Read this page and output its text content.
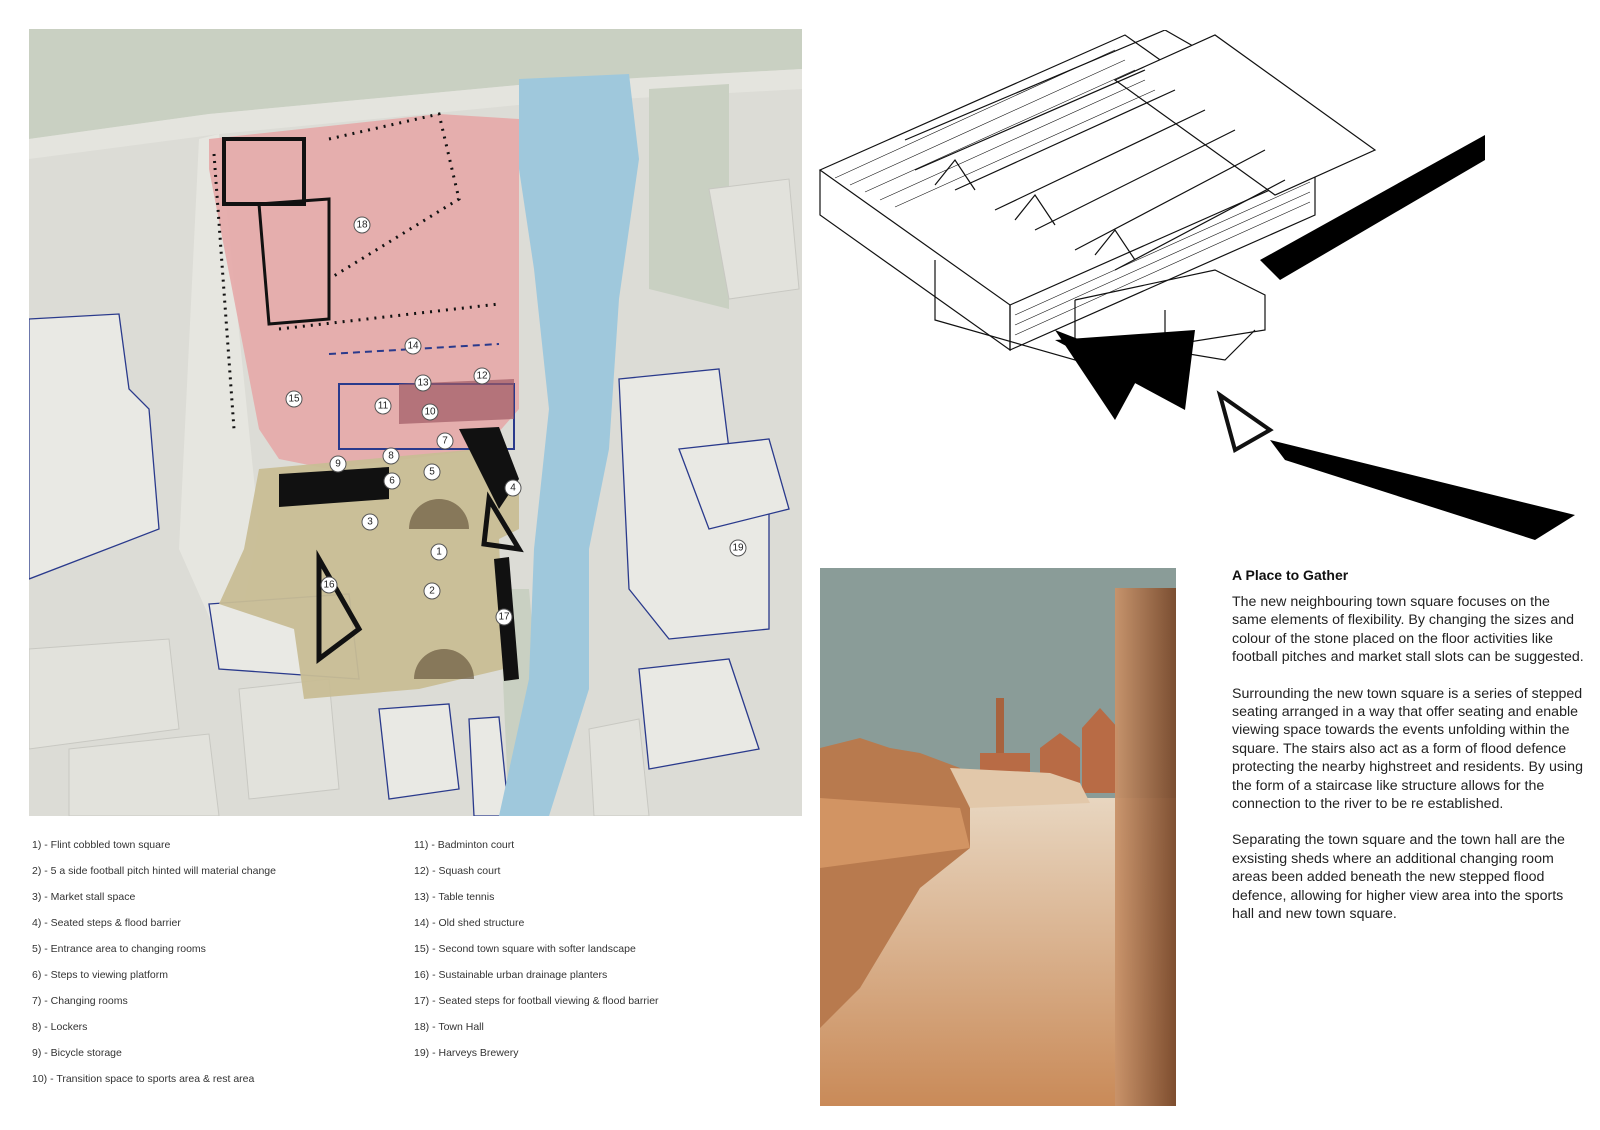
1
2
3
4
5
6
7
8
9
10
11
12
13
14
15
16
17
18
19
1) - Flint cobbled town square
2) - 5 a side football pitch hinted will material change
3) - Market stall space
4) - Seated steps & flood barrier
5) - Entrance area to changing rooms
6) - Steps to viewing platform
7) - Changing rooms
8) - Lockers
9) - Bicycle storage
10) - Transition space to sports area & rest area
11) - Badminton court
12) - Squash court
13) - Table tennis
14) - Old shed structure
15) - Second town square with softer landscape
16) - Sustainable urban drainage planters
17) - Seated steps for football viewing & flood barrier
18) - Town Hall
19) - Harveys Brewery
A Place to Gather

The new neighbouring town square focuses on the same elements of flexibility. By changing the sizes and colour of the stone placed on the floor activities like football pitches and market stall slots can be suggested.

Surrounding the new town square is a series of stepped seating arranged in a way that offer seating and enable viewing space towards the events unfolding within the square. The stairs also act as a form of flood defence protecting the nearby highstreet and residents. By using the form of a staircase like structure allows for the connection to the river to be re established.

Separating the town square and the town hall are the exsisting sheds where an additional changing room areas been added beneath the new stepped flood defence, allowing for higher view area into the sports hall and new town square.
